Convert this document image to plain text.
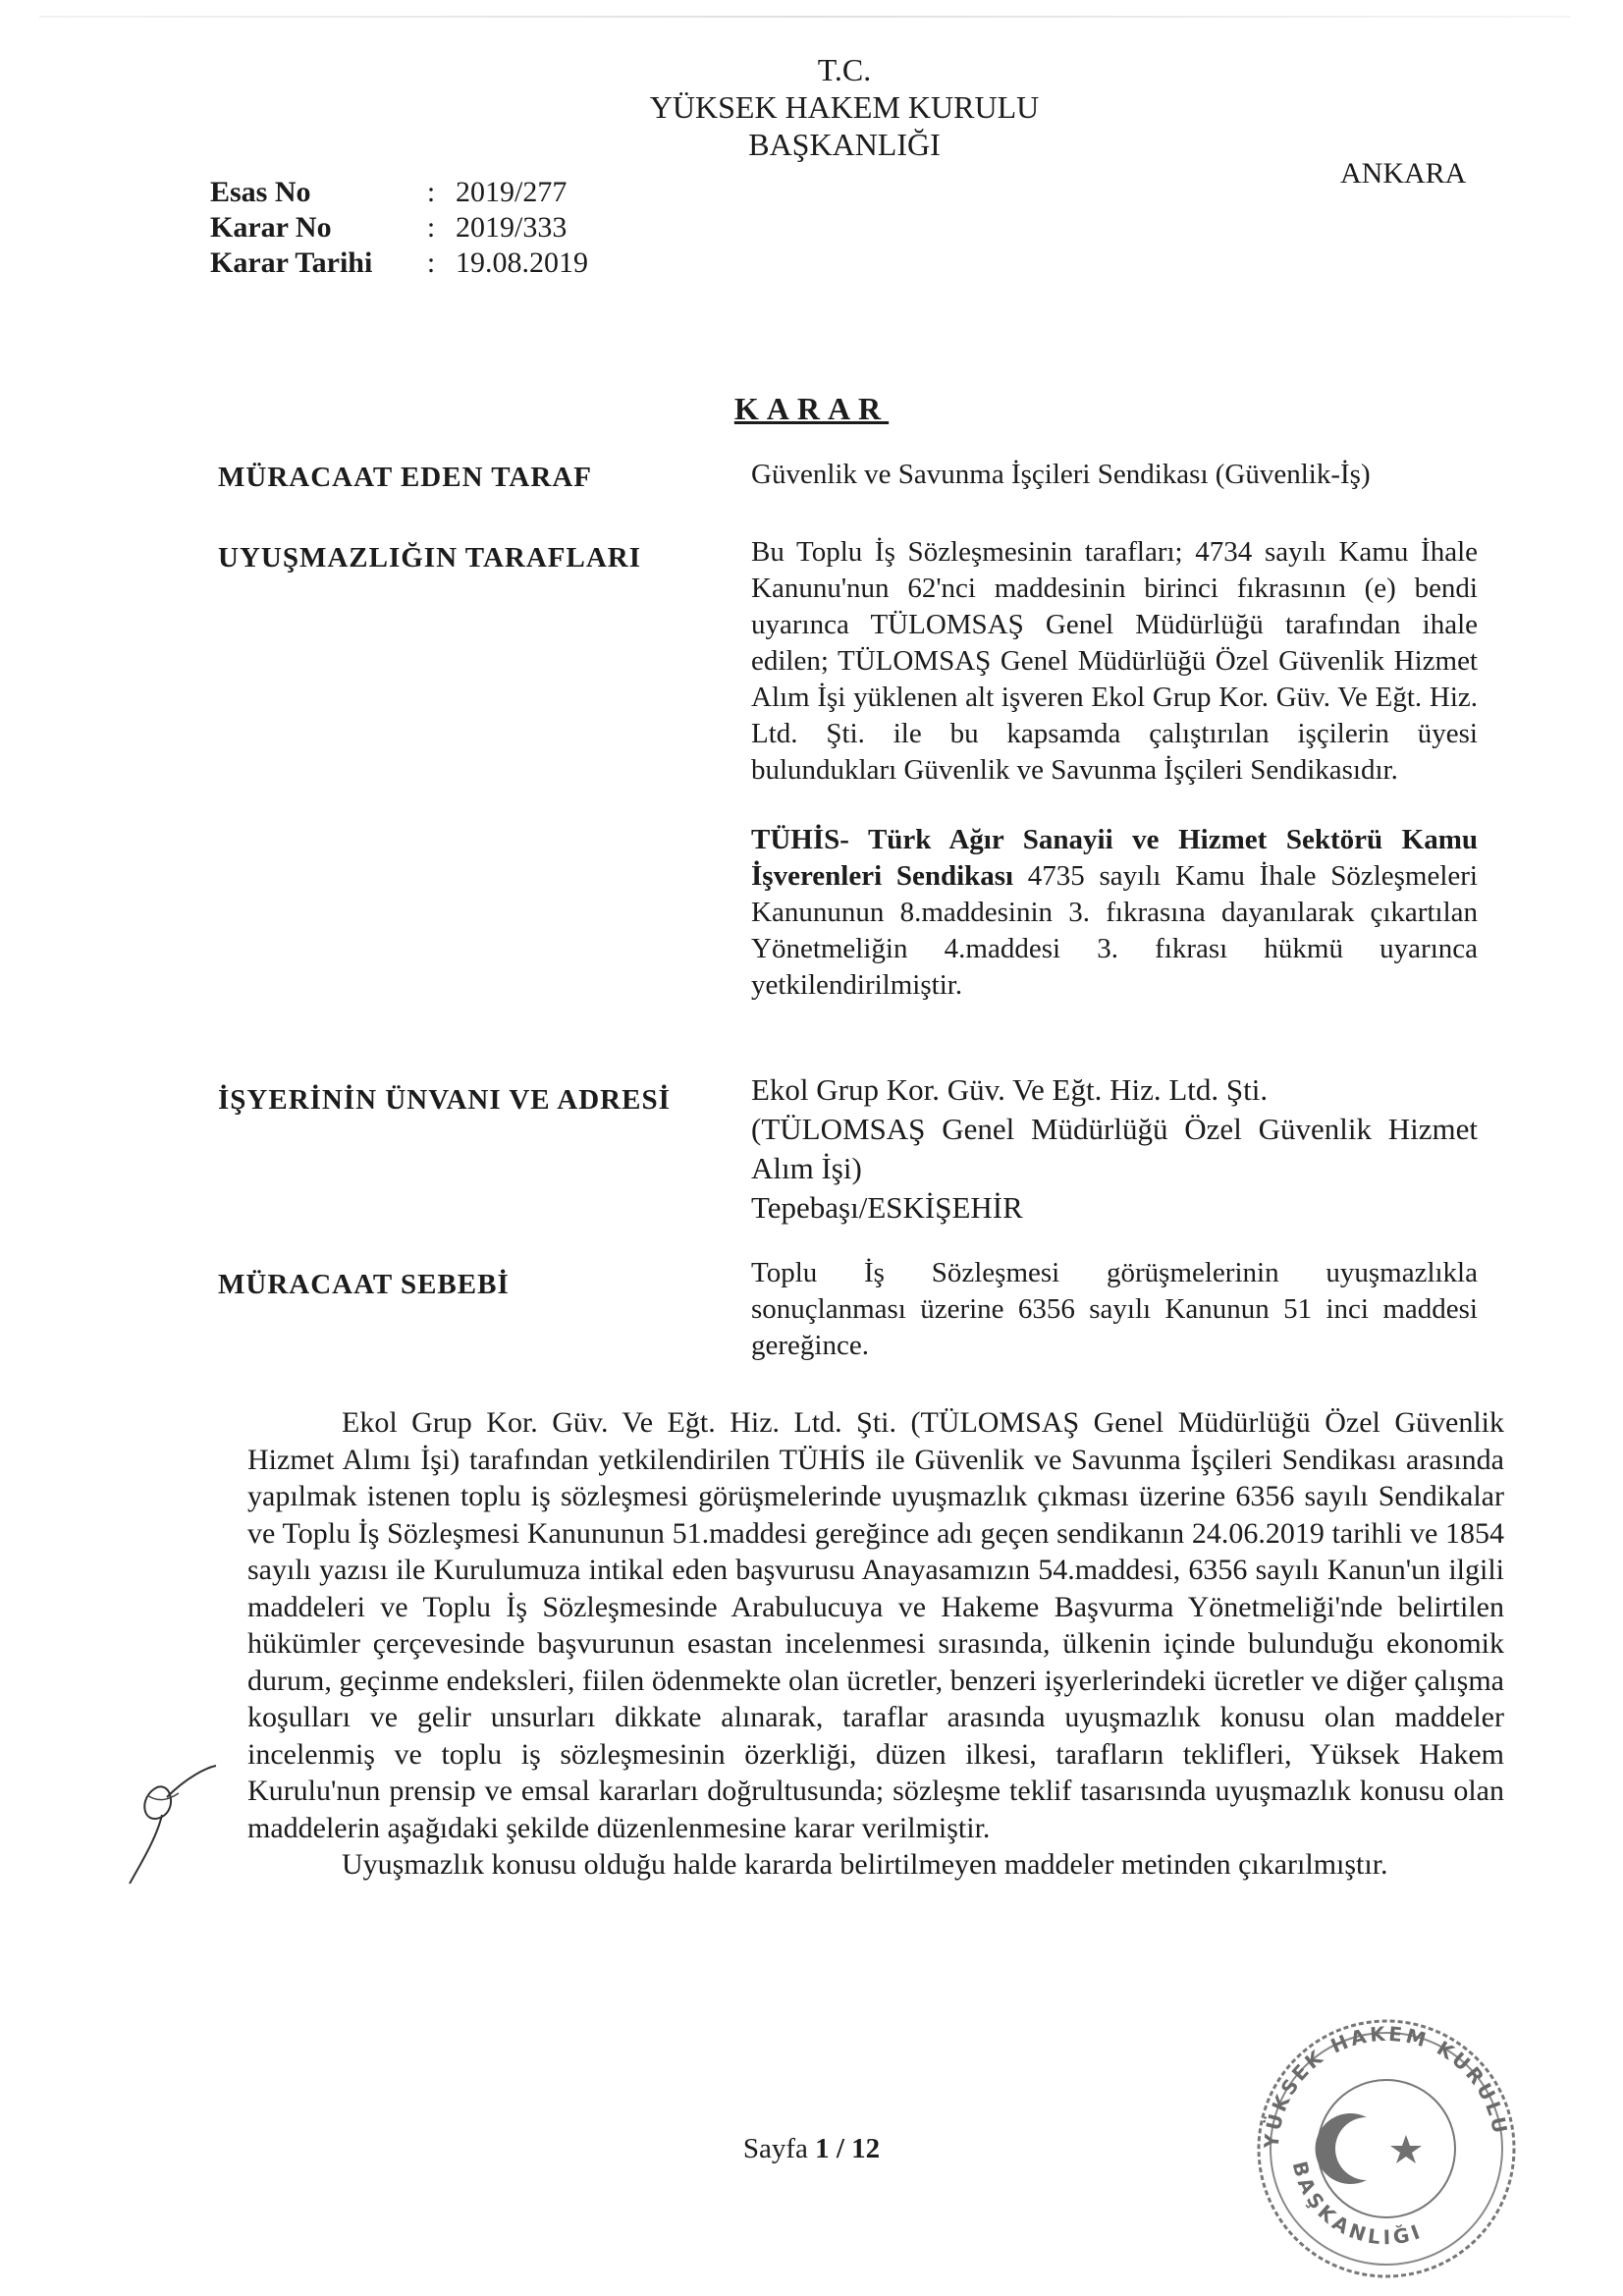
T.C.
YÜKSEK HAKEM KURULU
BAŞKANLIĞI
ANKARA
Esas No	: 2019/277
Karar No	: 2019/333
Karar Tarihi	: 19.08.2019
KARAR
MÜRACAAT EDEN TARAF	Güvenlik ve Savunma İşçileri Sendikası (Güvenlik-İş)

UYUŞMAZLIĞIN TARAFLARI	Bu Toplu İş Sözleşmesinin tarafları; 4734 sayılı Kamu İhale Kanunu'nun 62'nci maddesinin birinci fıkrasının (e) bendi uyarınca TÜLOMSAŞ Genel Müdürlüğü tarafından ihale edilen; TÜLOMSAŞ Genel Müdürlüğü Özel Güvenlik Hizmet Alım İşi yüklenen alt işveren Ekol Grup Kor. Güv. Ve Eğt. Hiz. Ltd. Şti. ile bu kapsamda çalıştırılan işçilerin üyesi bulundukları Güvenlik ve Savunma İşçileri Sendikasıdır.

TÜHİS- Türk Ağır Sanayii ve Hizmet Sektörü Kamu İşverenleri Sendikası 4735 sayılı Kamu İhale Sözleşmeleri Kanununun 8.maddesinin 3. fıkrasına dayanılarak çıkartılan Yönetmeliğin 4.maddesi 3. fıkrası hükmü uyarınca yetkilendirilmiştir.

İŞYERİNİN ÜNVANI VE ADRESİ	Ekol Grup Kor. Güv. Ve Eğt. Hiz. Ltd. Şti.

(TÜLOMSAŞ Genel Müdürlüğü Özel Güvenlik Hizmet Alım İşi)

Tepebaşı/ESKİŞEHİR

MÜRACAAT SEBEBİ	Toplu İş Sözleşmesi görüşmelerinin uyuşmazlıkla sonuçlanması üzerine 6356 sayılı Kanunun 51 inci maddesi gereğince.

Ekol Grup Kor. Güv. Ve Eğt. Hiz. Ltd. Şti. (TÜLOMSAŞ Genel Müdürlüğü Özel Güvenlik Hizmet Alımı İşi) tarafından yetkilendirilen TÜHİS ile Güvenlik ve Savunma İşçileri Sendikası arasında yapılmak istenen toplu iş sözleşmesi görüşmelerinde uyuşmazlık çıkması üzerine 6356 sayılı Sendikalar ve Toplu İş Sözleşmesi Kanununun 51.maddesi gereğince adı geçen sendikanın 24.06.2019 tarihli ve 1854 sayılı yazısı ile Kurulumuza intikal eden başvurusu Anayasamızın 54.maddesi, 6356 sayılı Kanun'un ilgili maddeleri ve Toplu İş Sözleşmesinde Arabulucuya ve Hakeme Başvurma Yönetmeliği'nde belirtilen hükümler çerçevesinde başvurunun esastan incelenmesi sırasında, ülkenin içinde bulunduğu ekonomik durum, geçinme endeksleri, fiilen ödenmekte olan ücretler, benzeri işyerlerindeki ücretler ve diğer çalışma koşulları ve gelir unsurları dikkate alınarak, taraflar arasında uyuşmazlık konusu olan maddeler incelenmiş ve toplu iş sözleşmesinin özerkliği, düzen ilkesi, tarafların teklifleri, Yüksek Hakem Kurulu'nun prensip ve emsal kararları doğrultusunda; sözleşme teklif tasarısında uyuşmazlık konusu olan maddelerin aşağıdaki şekilde düzenlenmesine karar verilmiştir.

Uyuşmazlık konusu olduğu halde kararda belirtilmeyen maddeler metinden çıkarılmıştır.

YÜKSEK HAKEM KURULU
BAŞKANLIĞI
Sayfa 1 / 12
